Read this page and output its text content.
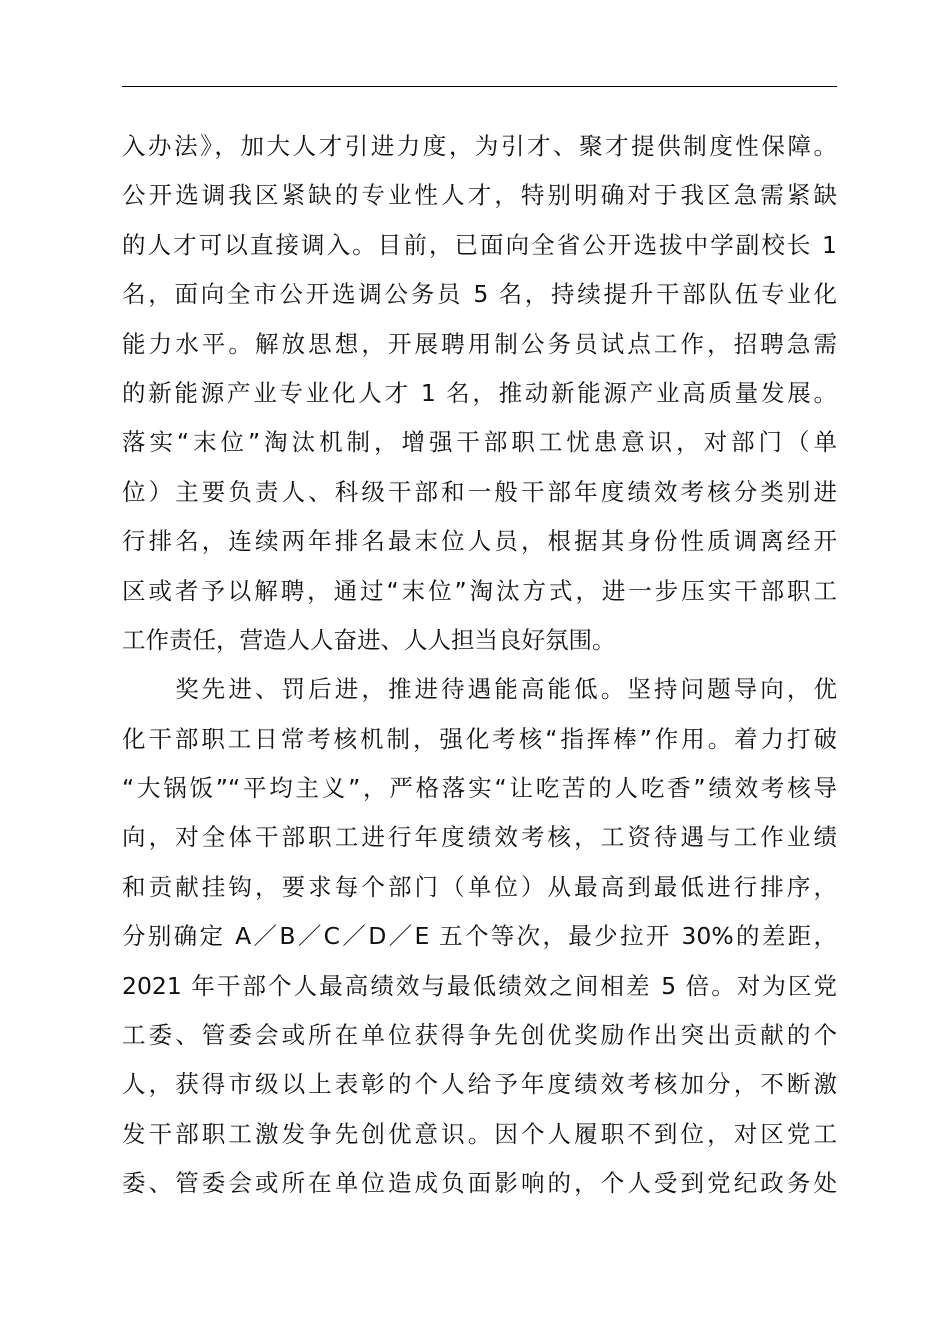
入办法》，加大人才引进力度，为引才、聚才提供制度性保障。
公开选调我区紧缺的专业性人才，特别明确对于我区急需紧缺
的人才可以直接调入。目前，已面向全省公开选拔中学副校长 1
名，面向全市公开选调公务员 5 名，持续提升干部队伍专业化
能力水平。解放思想，开展聘用制公务员试点工作，招聘急需
的新能源产业专业化人才 1 名，推动新能源产业高质量发展。
落实“末位”淘汰机制，增强干部职工忧患意识，对部门（单
位）主要负责人、科级干部和一般干部年度绩效考核分类别进
行排名，连续两年排名最末位人员，根据其身份性质调离经开
区或者予以解聘，通过“末位”淘汰方式，进一步压实干部职工
工作责任，营造人人奋进、人人担当良好氛围。
　　奖先进、罚后进，推进待遇能高能低。坚持问题导向，优
化干部职工日常考核机制，强化考核“指挥棒”作用。着力打破
“大锅饭”“平均主义”，严格落实“让吃苦的人吃香”绩效考核导
向，对全体干部职工进行年度绩效考核，工资待遇与工作业绩
和贡献挂钩，要求每个部门（单位）从最高到最低进行排序，
分别确定 A／B／C／D／E 五个等次，最少拉开 30%的差距，
2021 年干部个人最高绩效与最低绩效之间相差 5 倍。对为区党
工委、管委会或所在单位获得争先创优奖励作出突出贡献的个
人，获得市级以上表彰的个人给予年度绩效考核加分，不断激
发干部职工激发争先创优意识。因个人履职不到位，对区党工
委、管委会或所在单位造成负面影响的，个人受到党纪政务处
